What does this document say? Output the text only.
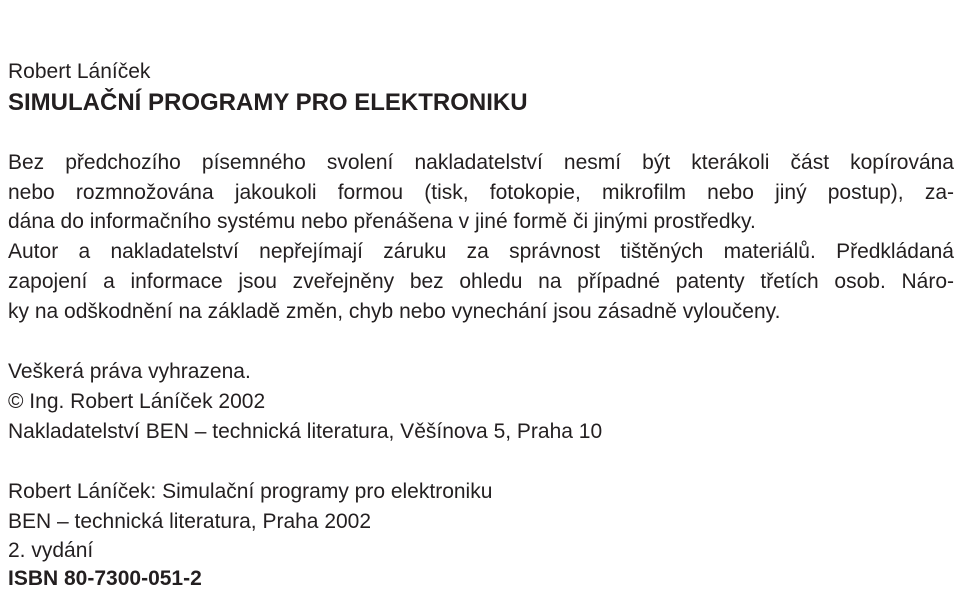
Robert Láníček
SIMULAČNÍ PROGRAMY PRO ELEKTRONIKU
Bez předchozího písemného svolení nakladatelství nesmí být kterákoli část kopírována
nebo rozmnožována jakoukoli formou (tisk, fotokopie, mikrofilm nebo jiný postup), za-
dána do informačního systému nebo přenášena v jiné formě či jinými prostředky.
Autor a nakladatelství nepřejímají záruku za správnost tištěných materiálů. Předkládaná
zapojení a informace jsou zveřejněny bez ohledu na případné patenty třetích osob. Náro-
ky na odškodnění na základě změn, chyb nebo vynechání jsou zásadně vyloučeny.
Veškerá práva vyhrazena.
© Ing. Robert Láníček 2002
Nakladatelství BEN – technická literatura, Věšínova 5, Praha 10
Robert Láníček: Simulační programy pro elektroniku
BEN – technická literatura, Praha 2002
2. vydání
ISBN 80-7300-051-2
